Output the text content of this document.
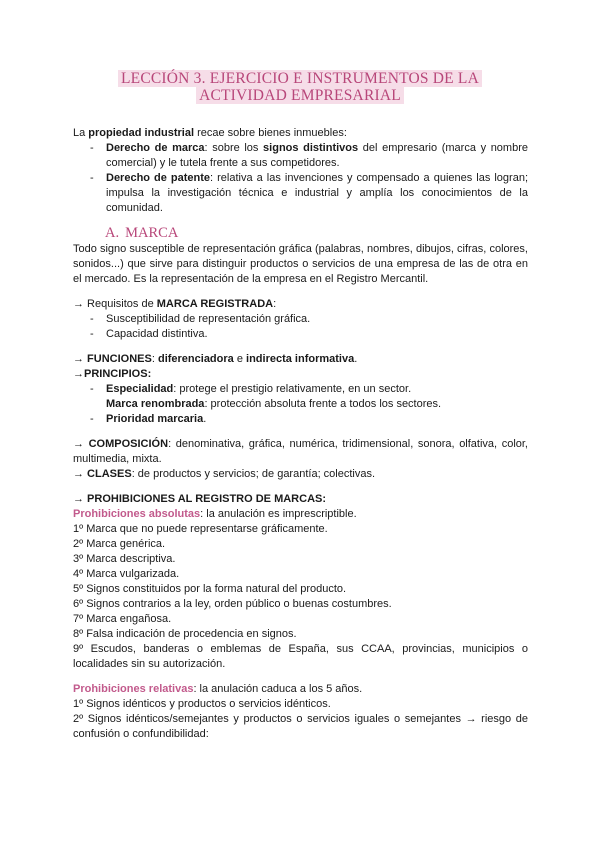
LECCIÓN 3. EJERCICIO E INSTRUMENTOS DE LA
ACTIVIDAD EMPRESARIAL

La propiedad industrial recae sobre bienes inmuebles:

- Derecho de marca: sobre los signos distintivos del empresario (marca y nombre comercial) y le tutela frente a sus competidores.

- Derecho de patente: relativa a las invenciones y compensado a quienes las logran; impulsa la investigación técnica e industrial y amplía los conocimientos de la comunidad.

A. MARCA

Todo signo susceptible de representación gráfica (palabras, nombres, dibujos, cifras, colores, sonidos...) que sirve para distinguir productos o servicios de una empresa de las de otra en el mercado. Es la representación de la empresa en el Registro Mercantil.

→ Requisitos de MARCA REGISTRADA:

- Susceptibilidad de representación gráfica.

- Capacidad distintiva.

→ FUNCIONES: diferenciadora e indirecta informativa.

→PRINCIPIOS:

- Especialidad: protege el prestigio relativamente, en un sector.

Marca renombrada: protección absoluta frente a todos los sectores.

- Prioridad marcaria.

→ COMPOSICIÓN: denominativa, gráfica, numérica, tridimensional, sonora, olfativa, color, multimedia, mixta.

→ CLASES: de productos y servicios; de garantía; colectivas.

→ PROHIBICIONES AL REGISTRO DE MARCAS:

Prohibiciones absolutas: la anulación es imprescriptible.

1º Marca que no puede representarse gráficamente.

2º Marca genérica.

3º Marca descriptiva.

4º Marca vulgarizada.

5º Signos constituidos por la forma natural del producto.

6º Signos contrarios a la ley, orden público o buenas costumbres.

7º Marca engañosa.

8º Falsa indicación de procedencia en signos.

9º Escudos, banderas o emblemas de España, sus CCAA, provincias, municipios o localidades sin su autorización.

Prohibiciones relativas: la anulación caduca a los 5 años.

1º Signos idénticos y productos o servicios idénticos.

2º Signos idénticos/semejantes y productos o servicios iguales o semejantes → riesgo de confusión o confundibilidad:
